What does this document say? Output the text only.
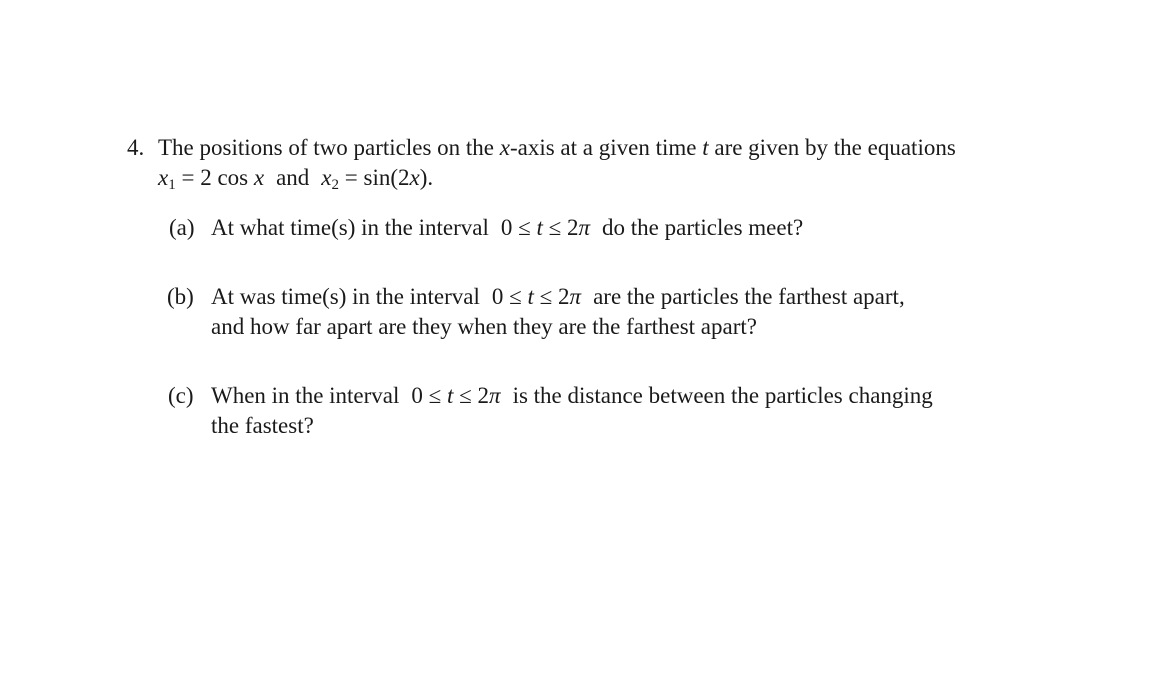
4. The positions of two particles on the x-axis at a given time t are given by the equations
$x_1 = 2$ cos x and $x_2 = \sin(2x)$.
(a) At what time(s) in the interval 0 ≤ t ≤ 2π do the particles meet?
(b) At was time(s) in the interval 0 ≤ t ≤ 2π are the particles the farthest apart,
and how far apart are they when they are the farthest apart?
(c) When in the interval 0 ≤ t ≤ 2π is the distance between the particles changing
the fastest?
